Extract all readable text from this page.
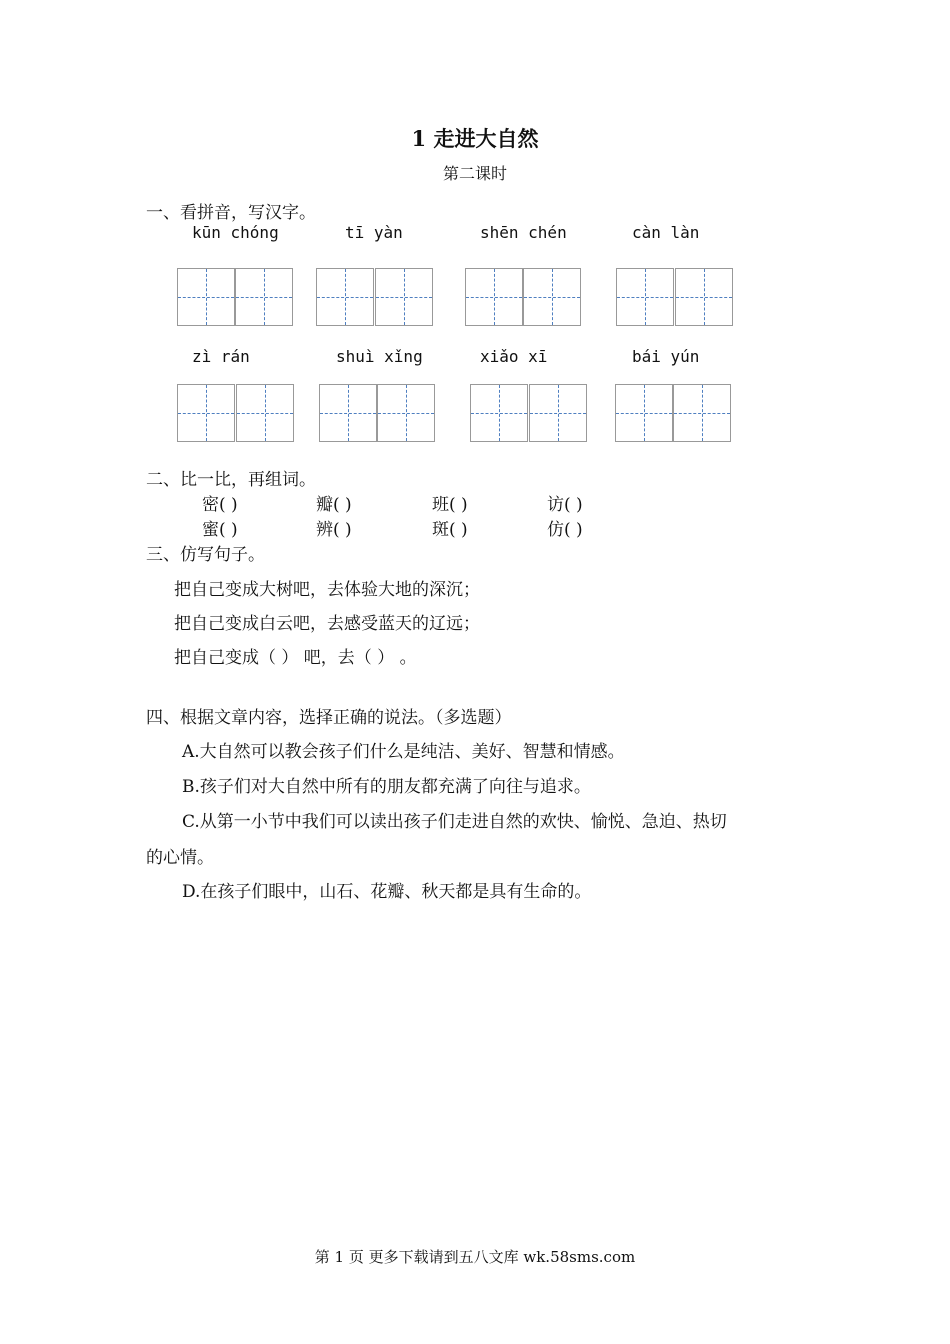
1 走进大自然
第二课时
一、看拼音，写汉字。
kūn chóng	tī yàn	shēn chén	càn làn
zì rán	shuì xǐng	xiǎo xī	bái yún
二、比一比，再组词。
密( )	瓣( )	班( )	访( )
蜜( )	辨( )	斑( )	仿( )
三、仿写句子。
把自己变成大树吧，去体验大地的深沉；
把自己变成白云吧，去感受蓝天的辽远；
把自己变成（ ） 吧，去（ ） 。
四、根据文章内容，选择正确的说法。（多选题）
A.大自然可以教会孩子们什么是纯洁、美好、智慧和情感。
B.孩子们对大自然中所有的朋友都充满了向往与追求。
C.从第一小节中我们可以读出孩子们走进自然的欢快、愉悦、急迫、热切
的心情。
D.在孩子们眼中，山石、花瓣、秋天都是具有生命的。
第 1 页 更多下载请到五八文库 wk.58sms.com
